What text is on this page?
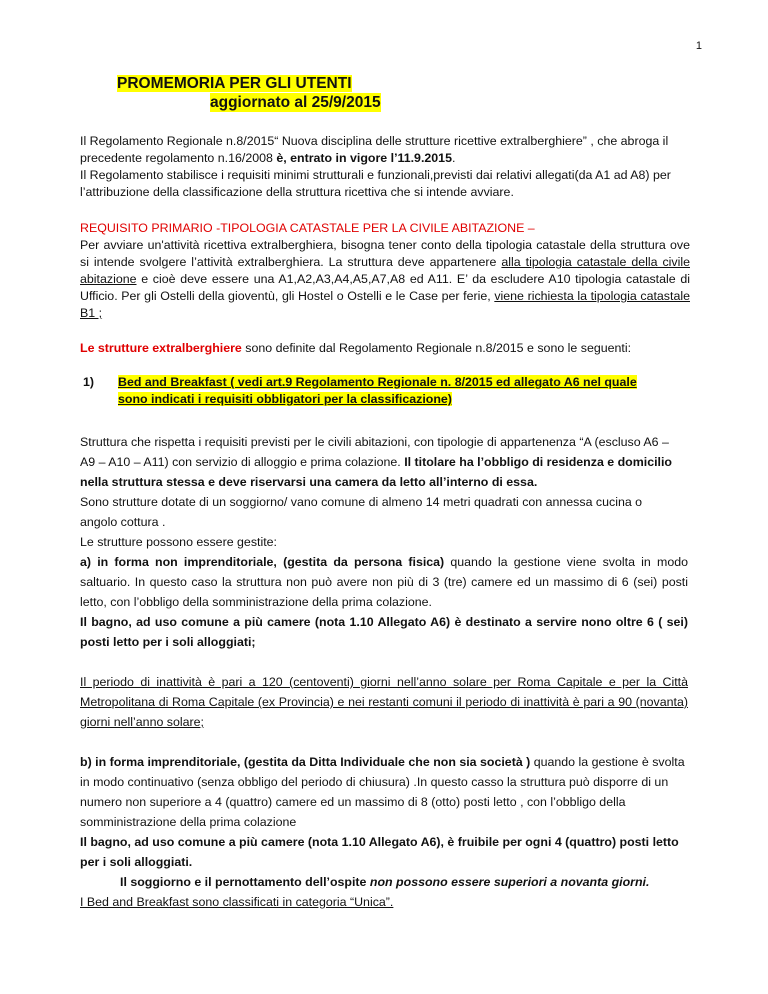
1
PROMEMORIA PER GLI UTENTI
aggiornato al 25/9/2015

Il Regolamento Regionale n.8/2015“ Nuova disciplina delle strutture ricettive extralberghiere” , che abroga il

precedente regolamento n.16/2008 è, entrato in vigore l’11.9.2015.

Il Regolamento stabilisce i requisiti minimi strutturali e funzionali,previsti dai relativi allegati(da A1 ad A8) per

l’attribuzione della classificazione della struttura ricettiva che si intende avviare.

REQUISITO PRIMARIO -TIPOLOGIA CATASTALE PER LA CIVILE ABITAZIONE –

Per avviare un'attività ricettiva extralberghiera, bisogna tener conto della tipologia catastale della struttura ove si intende svolgere l’attività extralberghiera. La struttura deve appartenere alla tipologia catastale della civile abitazione e cioè deve essere una A1,A2,A3,A4,A5,A7,A8 ed A11. E’ da escludere A10 tipologia catastale di Ufficio. Per gli Ostelli della gioventù, gli Hostel o Ostelli e le Case per ferie, viene richiesta la tipologia catastale B1 ;

Le strutture extralberghiere sono definite dal Regolamento Regionale n.8/2015 e sono le seguenti:

1)	Bed and Breakfast ( vedi art.9 Regolamento Regionale n. 8/2015 ed allegato A6 nel quale sono indicati i requisiti obbligatori per la classificazione)

Struttura che rispetta i requisiti previsti per le civili abitazioni, con tipologie di appartenenza “A (escluso A6 – A9 – A10 – A11) con servizio di alloggio e prima colazione. Il titolare ha l’obbligo di residenza e domicilio nella struttura stessa e deve riservarsi una camera da letto all’interno di essa.

Sono strutture dotate di un soggiorno/ vano comune di almeno 14 metri quadrati con annessa cucina o angolo cottura .

Le strutture possono essere gestite:

a) in forma non imprenditoriale, (gestita da persona fisica) quando la gestione viene svolta in modo saltuario. In questo caso la struttura non può avere non più di 3 (tre) camere ed un massimo di 6 (sei) posti letto, con l’obbligo della somministrazione della prima colazione.

Il bagno, ad uso comune a più camere (nota 1.10 Allegato A6) è destinato a servire nono oltre 6 ( sei) posti letto per i soli alloggiati;

Il periodo di inattività è pari a 120 (centoventi) giorni nell’anno solare per Roma Capitale e per la Città Metropolitana di Roma Capitale (ex Provincia) e nei restanti comuni il periodo di inattività è pari a 90 (novanta) giorni nell’anno solare;

b) in forma imprenditoriale, (gestita da Ditta Individuale che non sia società ) quando la gestione è svolta in modo continuativo (senza obbligo del periodo di chiusura) .In questo casso la struttura può disporre di un numero non superiore a 4 (quattro) camere ed un massimo di 8 (otto) posti letto , con l’obbligo della somministrazione della prima colazione

Il bagno, ad uso comune a più camere (nota 1.10 Allegato A6), è fruibile per ogni 4 (quattro) posti letto per i soli alloggiati.

Il soggiorno e il pernottamento dell’ospite non possono essere superiori a novanta giorni.

I Bed and Breakfast sono classificati in categoria “Unica”.
